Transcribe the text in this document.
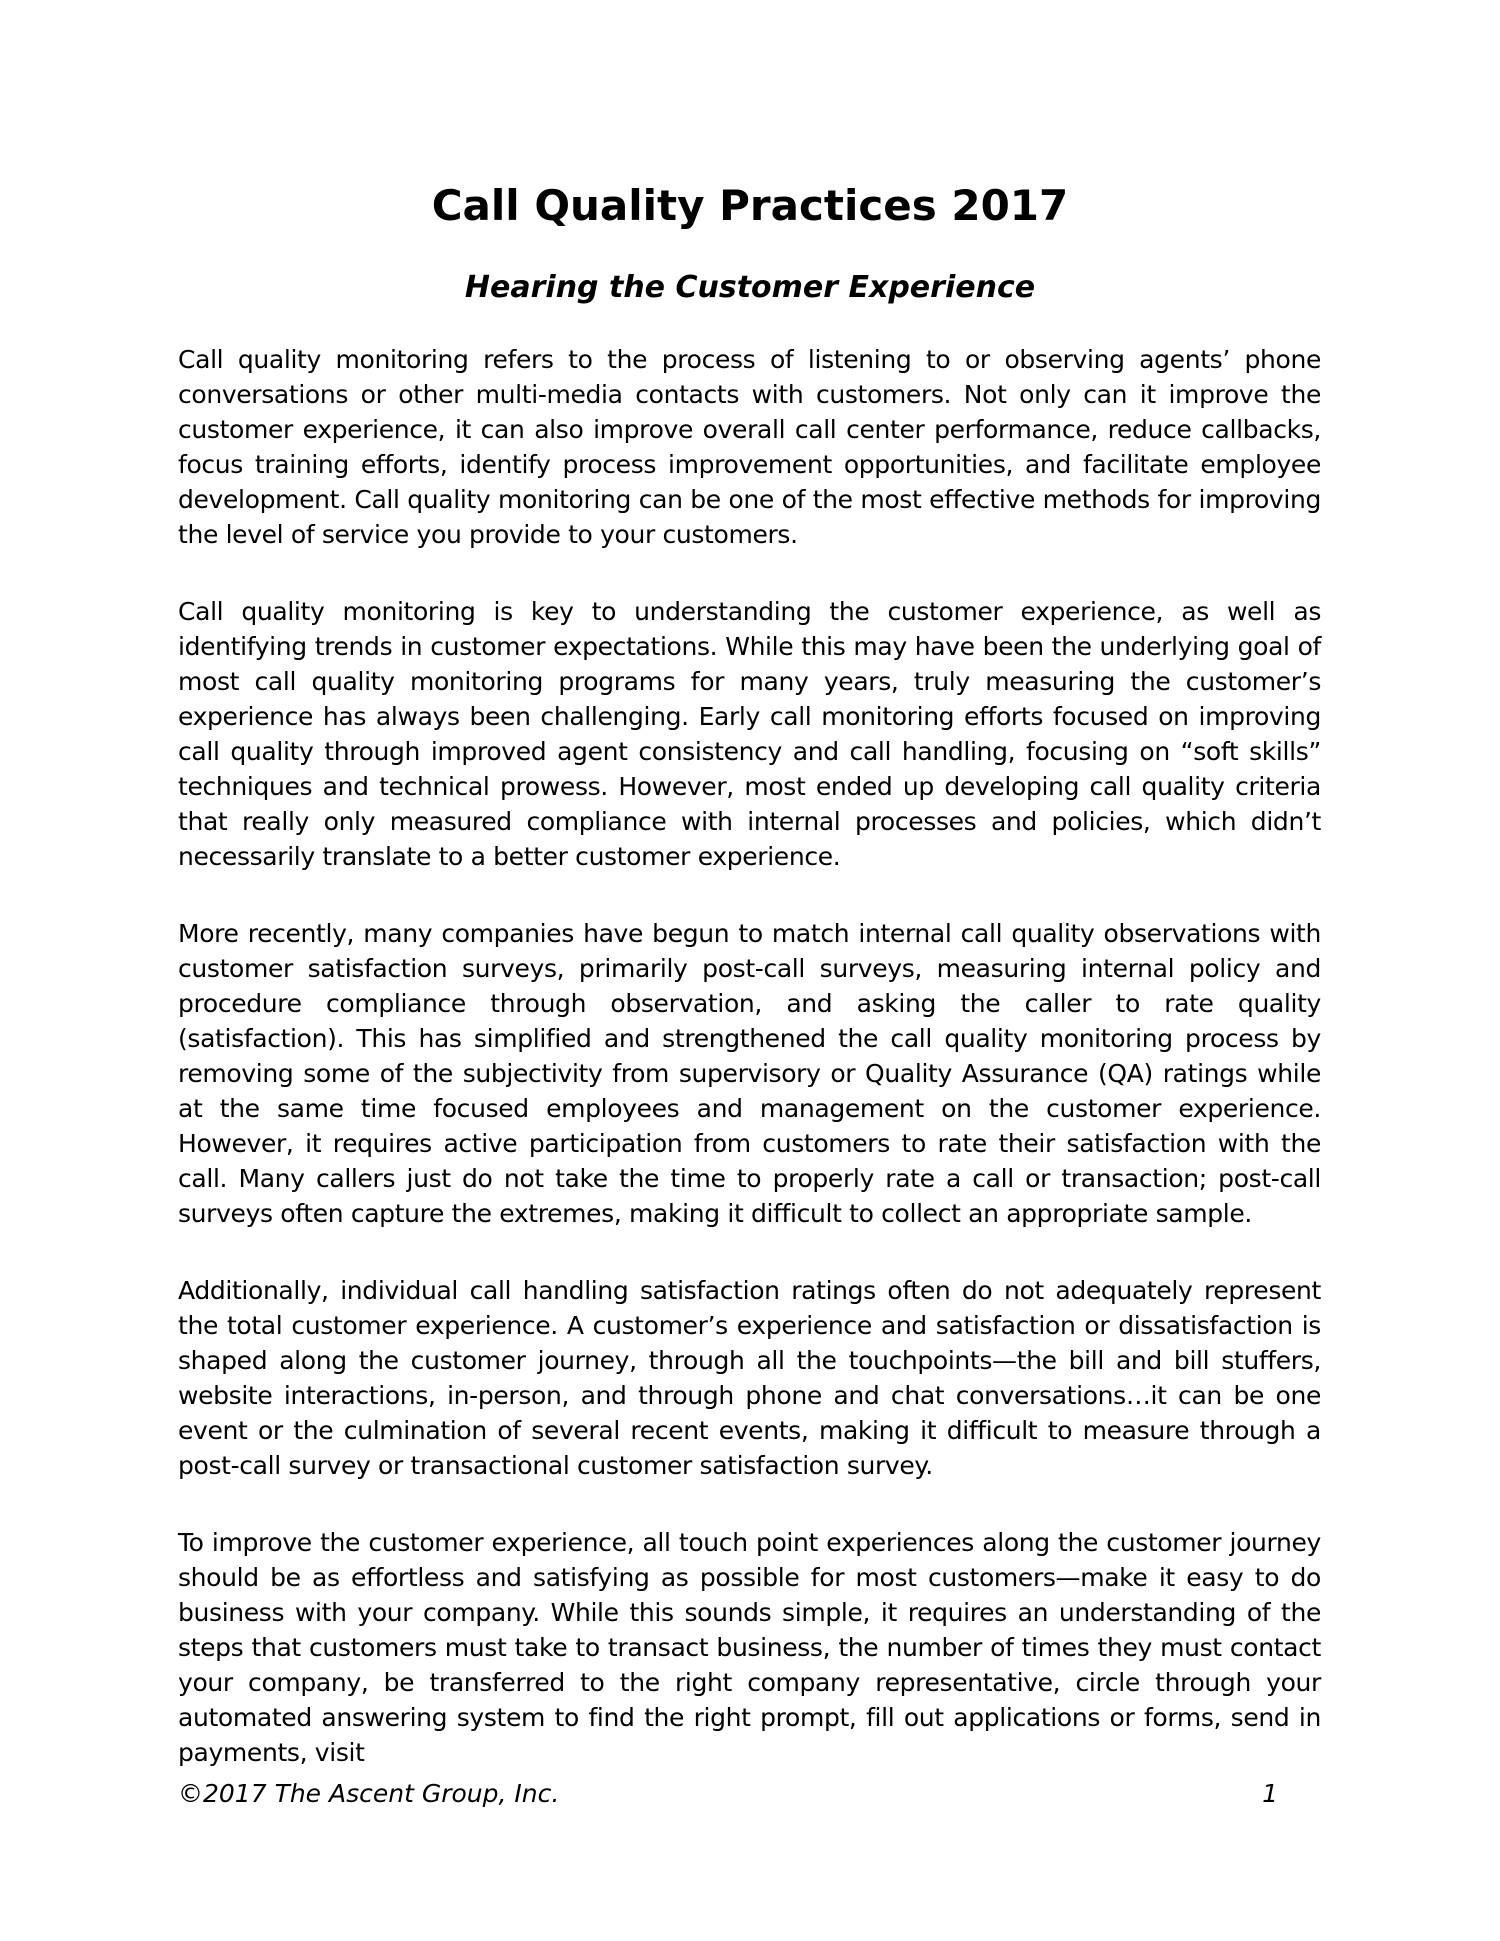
Call Quality Practices 2017
Hearing the Customer Experience

Call quality monitoring refers to the process of listening to or observing agents’ phone conversations or other multi-media contacts with customers. Not only can it improve the customer experience, it can also improve overall call center performance, reduce callbacks, focus training efforts, identify process improvement opportunities, and facilitate employee development. Call quality monitoring can be one of the most effective methods for improving the level of service you provide to your customers.

Call quality monitoring is key to understanding the customer experience, as well as identifying trends in customer expectations. While this may have been the underlying goal of most call quality monitoring programs for many years, truly measuring the customer’s experience has always been challenging. Early call monitoring efforts focused on improving call quality through improved agent consistency and call handling, focusing on “soft skills” techniques and technical prowess. However, most ended up developing call quality criteria that really only measured compliance with internal processes and policies, which didn’t necessarily translate to a better customer experience.

More recently, many companies have begun to match internal call quality observations with customer satisfaction surveys, primarily post-call surveys, measuring internal policy and procedure compliance through observation, and asking the caller to rate quality (satisfaction). This has simplified and strengthened the call quality monitoring process by removing some of the subjectivity from supervisory or Quality Assurance (QA) ratings while at the same time focused employees and management on the customer experience. However, it requires active participation from customers to rate their satisfaction with the call. Many callers just do not take the time to properly rate a call or transaction; post-call surveys often capture the extremes, making it difficult to collect an appropriate sample.

Additionally, individual call handling satisfaction ratings often do not adequately represent the total customer experience. A customer’s experience and satisfaction or dissatisfaction is shaped along the customer journey, through all the touchpoints—the bill and bill stuffers, website interactions, in-person, and through phone and chat conversations…it can be one event or the culmination of several recent events, making it difficult to measure through a post-call survey or transactional customer satisfaction survey.

To improve the customer experience, all touch point experiences along the customer journey should be as effortless and satisfying as possible for most customers—make it easy to do business with your company. While this sounds simple, it requires an understanding of the steps that customers must take to transact business, the number of times they must contact your company, be transferred to the right company representative, circle through your automated answering system to find the right prompt, fill out applications or forms, send in payments, visit

©2017 The Ascent Group, Inc.	1
